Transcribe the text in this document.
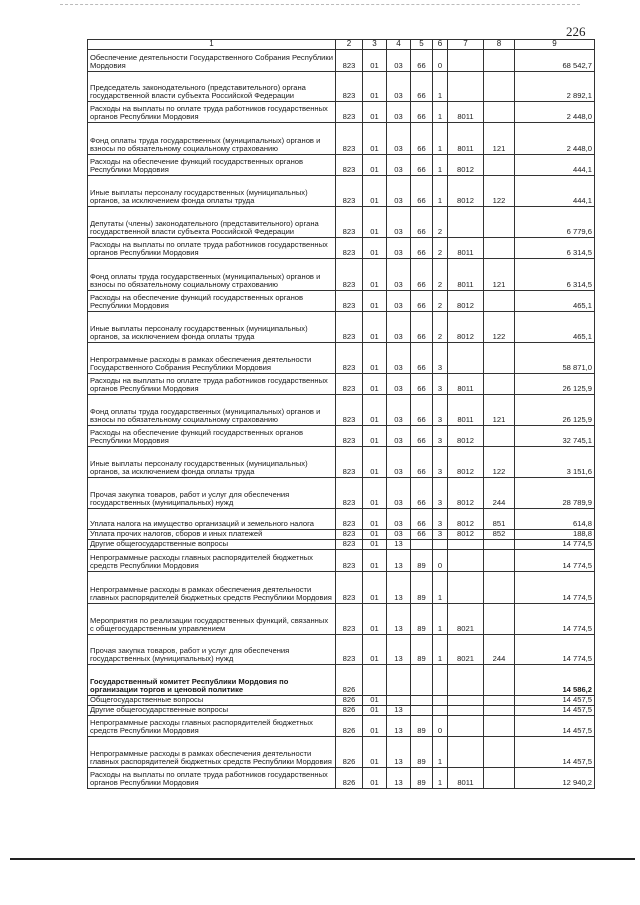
226
1	2	3	4	5	6	7	8	9
Обеспечение деятельности Государственного Собрания Республики Мордовия	823	01	03	66	0			68 542,7
Председатель законодательного (представительного) органа государственной власти субъекта Российской Федерации	823	01	03	66	1			2 892,1
Расходы на выплаты по оплате труда работников государственных органов Республики Мордовия	823	01	03	66	1	8011		2 448,0
Фонд оплаты труда государственных (муниципальных) органов и взносы по обязательному социальному страхованию	823	01	03	66	1	8011	121	2 448,0
Расходы на обеспечение функций государственных органов Республики Мордовия	823	01	03	66	1	8012		444,1
Иные выплаты персоналу государственных (муниципальных) органов, за исключением фонда оплаты труда	823	01	03	66	1	8012	122	444,1
Депутаты (члены) законодательного (представительного) органа государственной власти субъекта Российской Федерации	823	01	03	66	2			6 779,6
Расходы на выплаты по оплате труда работников государственных органов Республики Мордовия	823	01	03	66	2	8011		6 314,5
Фонд оплаты труда государственных (муниципальных) органов и взносы по обязательному социальному страхованию	823	01	03	66	2	8011	121	6 314,5
Расходы на обеспечение функций государственных органов Республики Мордовия	823	01	03	66	2	8012		465,1
Иные выплаты персоналу государственных (муниципальных) органов, за исключением фонда оплаты труда	823	01	03	66	2	8012	122	465,1
Непрограммные расходы в рамках обеспечения деятельности Государственного Собрания Республики Мордовия	823	01	03	66	3			58 871,0
Расходы на выплаты по оплате труда работников государственных органов Республики Мордовия	823	01	03	66	3	8011		26 125,9
Фонд оплаты труда государственных (муниципальных) органов и взносы по обязательному социальному страхованию	823	01	03	66	3	8011	121	26 125,9
Расходы на обеспечение функций государственных органов Республики Мордовия	823	01	03	66	3	8012		32 745,1
Иные выплаты персоналу государственных (муниципальных) органов, за исключением фонда оплаты труда	823	01	03	66	3	8012	122	3 151,6
Прочая закупка товаров, работ и услуг для обеспечения государственных (муниципальных) нужд	823	01	03	66	3	8012	244	28 789,9
Уплата налога на имущество организаций и земельного налога	823	01	03	66	3	8012	851	614,8
Уплата прочих налогов, сборов и иных платежей	823	01	03	66	3	8012	852	188,8
Другие общегосударственные вопросы	823	01	13					14 774,5
Непрограммные расходы главных распорядителей бюджетных средств Республики Мордовия	823	01	13	89	0			14 774,5
Непрограммные расходы в рамках обеспечения деятельности главных распорядителей бюджетных средств Республики Мордовия	823	01	13	89	1			14 774,5
Мероприятия по реализации государственных функций, связанных с общегосударственным управлением	823	01	13	89	1	8021		14 774,5
Прочая закупка товаров, работ и услуг для обеспечения государственных (муниципальных) нужд	823	01	13	89	1	8021	244	14 774,5
Государственный комитет Республики Мордовия по организации торгов и ценовой политике	826							14 586,2
Общегосударственные вопросы	826	01						14 457,5
Другие общегосударственные вопросы	826	01	13					14 457,5
Непрограммные расходы главных распорядителей бюджетных средств Республики Мордовия	826	01	13	89	0			14 457,5
Непрограммные расходы в рамках обеспечения деятельности главных распорядителей бюджетных средств Республики Мордовия	826	01	13	89	1			14 457,5
Расходы на выплаты по оплате труда работников государственных органов Республики Мордовия	826	01	13	89	1	8011		12 940,2
